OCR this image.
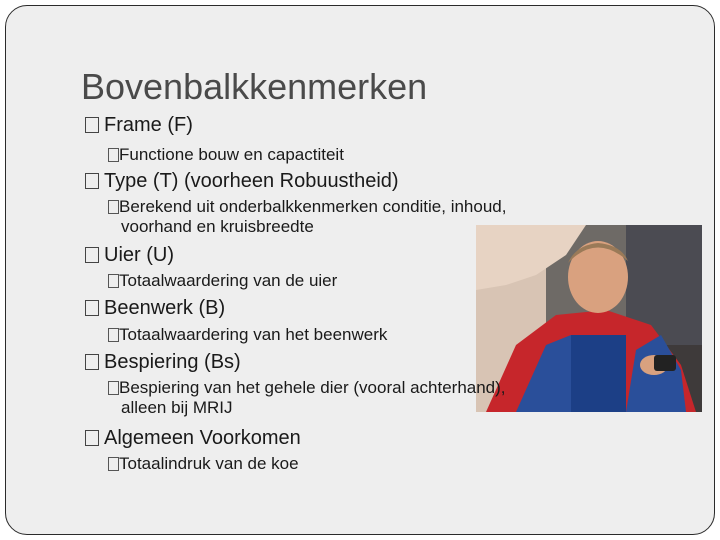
Bovenbalkkenmerken
Frame (F)
Functione bouw en capactiteit
Type (T) (voorheen Robuustheid)
Berekend uit onderbalkkenmerken conditie, inhoud,
voorhand en kruisbreedte
Uier (U)
Totaalwaardering van de uier
Beenwerk (B)
Totaalwaardering van het beenwerk
Bespiering (Bs)
Bespiering van het gehele dier (vooral achterhand),
alleen bij MRIJ
Algemeen Voorkomen
Totaalindruk van de koe
